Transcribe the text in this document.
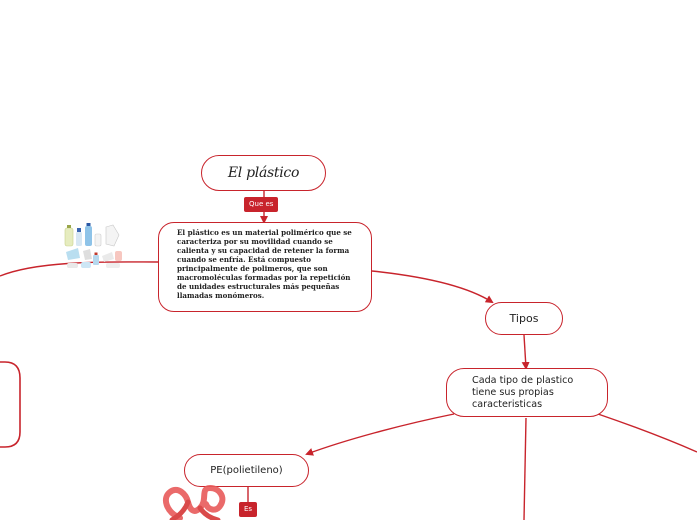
El plástico
Que es
El plástico es un material polimérico que se caracteriza por su movilidad cuando se calienta y su capacidad de retener la forma cuando se enfría. Está compuesto principalmente de polimeros, que son macromoléculas formadas por la repetición de unidades estructurales más pequeñas llamadas monómeros.
Tipos
Cada tipo de plastico tiene sus propias caracteristicas
PE(polietileno)
Es
